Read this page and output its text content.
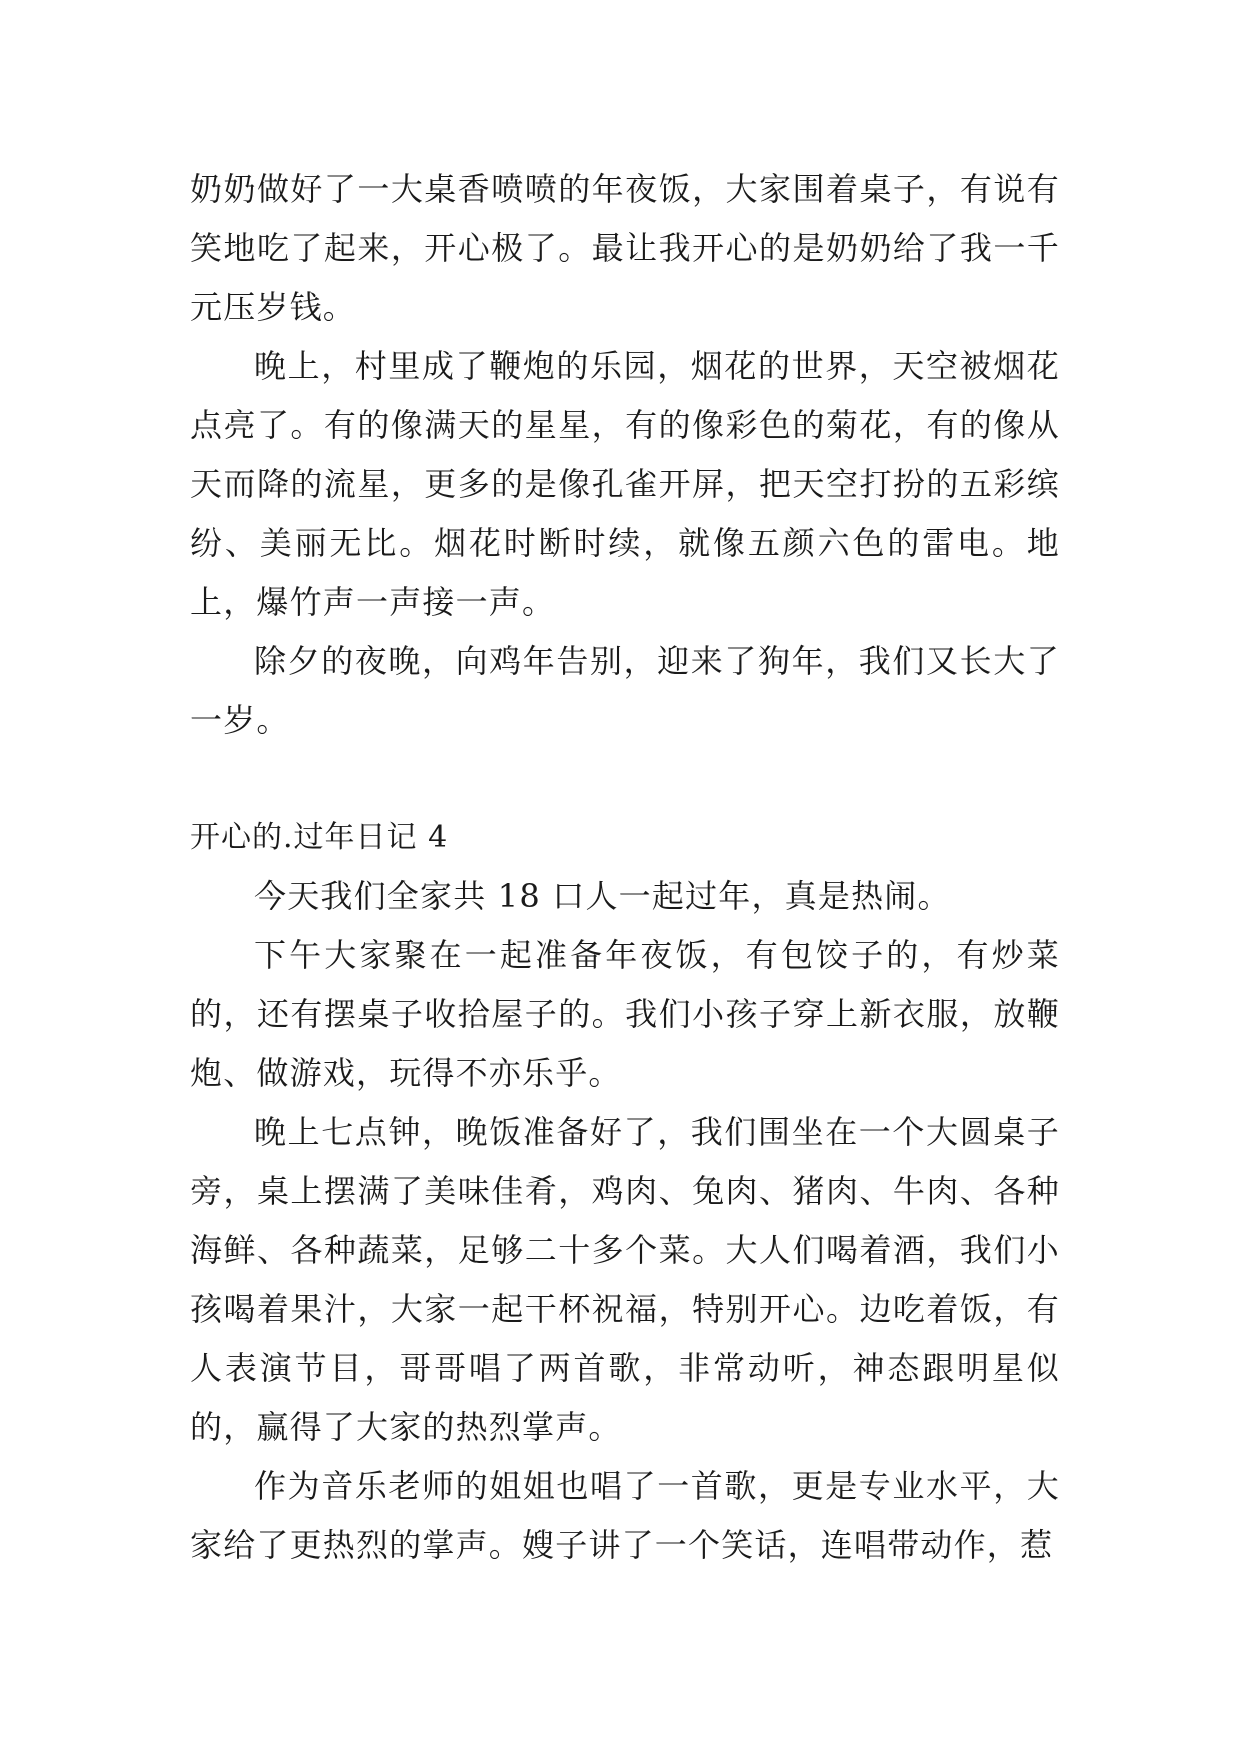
奶奶做好了一大桌香喷喷的年夜饭，大家围着桌子，有说有笑地吃了起来，开心极了。最让我开心的是奶奶给了我一千元压岁钱。

晚上，村里成了鞭炮的乐园，烟花的世界，天空被烟花点亮了。有的像满天的星星，有的像彩色的菊花，有的像从天而降的流星，更多的是像孔雀开屏，把天空打扮的五彩缤纷、美丽无比。烟花时断时续，就像五颜六色的雷电。地上，爆竹声一声接一声。

除夕的夜晚，向鸡年告别，迎来了狗年，我们又长大了一岁。

开心的.过年日记 4

今天我们全家共 18 口人一起过年，真是热闹。

下午大家聚在一起准备年夜饭，有包饺子的，有炒菜的，还有摆桌子收拾屋子的。我们小孩子穿上新衣服，放鞭炮、做游戏，玩得不亦乐乎。

晚上七点钟，晚饭准备好了，我们围坐在一个大圆桌子旁，桌上摆满了美味佳肴，鸡肉、兔肉、猪肉、牛肉、各种海鲜、各种蔬菜，足够二十多个菜。大人们喝着酒，我们小孩喝着果汁，大家一起干杯祝福，特别开心。边吃着饭，有人表演节目，哥哥唱了两首歌，非常动听，神态跟明星似的，赢得了大家的热烈掌声。

作为音乐老师的姐姐也唱了一首歌，更是专业水平，大家给了更热烈的掌声。嫂子讲了一个笑话，连唱带动作，惹
